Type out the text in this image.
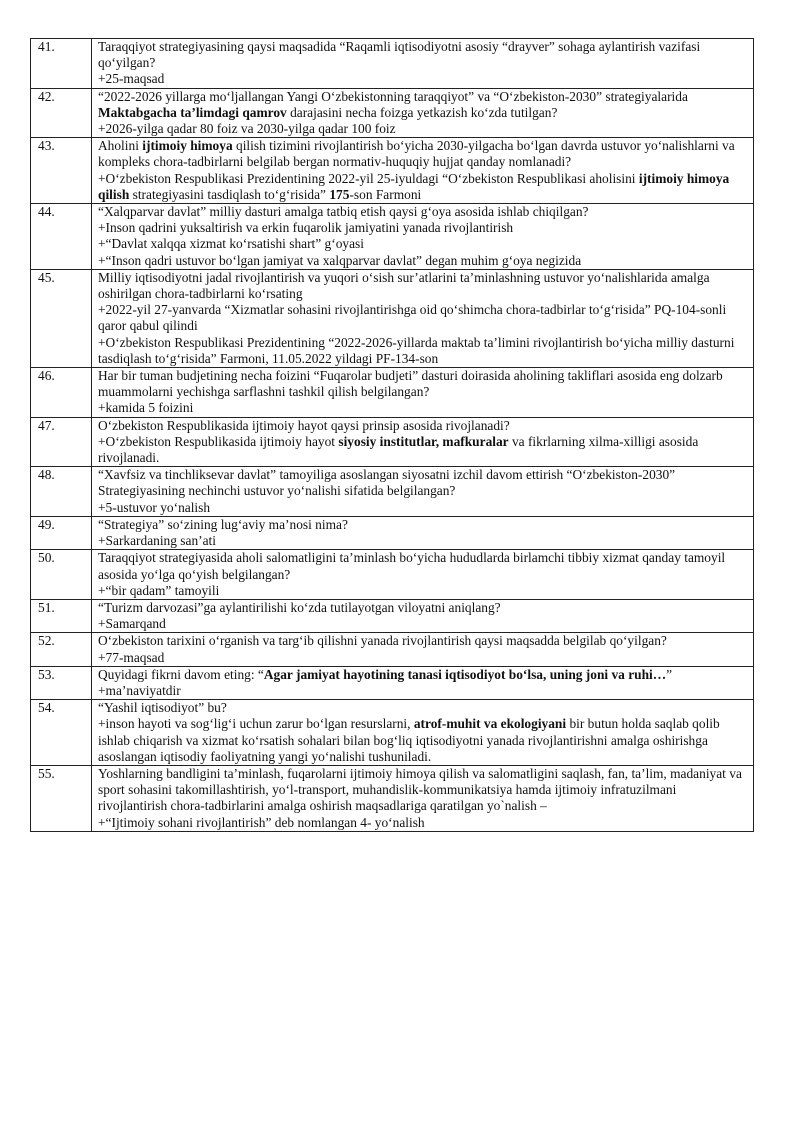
41.	Taraqqiyot strategiyasining qaysi maqsadida “Raqamli iqtisodiyotni asosiy “drayver” sohaga aylantirish vazifasi qo‘yilgan?
+25-maqsad

42.	“2022-2026 yillarga mo‘ljallangan Yangi O‘zbekistonning taraqqiyot” va “O‘zbekiston-2030” strategiyalarida Maktabgacha ta’limdagi qamrov darajasini necha foizga yetkazish ko‘zda tutilgan?
+2026-yilga qadar 80 foiz va 2030-yilga qadar 100 foiz

43.	Aholini ijtimoiy himoya qilish tizimini rivojlantirish bo‘yicha 2030-yilgacha bo‘lgan davrda ustuvor yo‘nalishlarni va kompleks chora-tadbirlarni belgilab bergan normativ-huquqiy hujjat qanday nomlanadi?
+O‘zbekiston Respublikasi Prezidentining 2022-yil 25-iyuldagi “O‘zbekiston Respublikasi aholisini ijtimoiy himoya qilish strategiyasini tasdiqlash to‘g‘risida” 175-son Farmoni

44.	“Xalqparvar davlat” milliy dasturi amalga tatbiq etish qaysi g‘oya asosida ishlab chiqilgan?
+Inson qadrini yuksaltirish va erkin fuqarolik jamiyatini yanada rivojlantirish
+“Davlat xalqqa xizmat ko‘rsatishi shart” g‘oyasi
+“Inson qadri ustuvor bo‘lgan jamiyat va xalqparvar davlat” degan muhim g‘oya negizida

45.	Milliy iqtisodiyotni jadal rivojlantirish va yuqori o‘sish sur’atlarini ta’minlashning ustuvor yo‘nalishlarida amalga oshirilgan chora-tadbirlarni ko‘rsating
+2022-yil 27-yanvarda “Xizmatlar sohasini rivojlantirishga oid qo‘shimcha chora-tadbirlar to‘g‘risida” PQ-104-sonli qaror qabul qilindi
+O‘zbekiston Respublikasi Prezidentining “2022-2026-yillarda maktab ta’limini rivojlantirish bo‘yicha milliy dasturni tasdiqlash to‘g‘risida” Farmoni, 11.05.2022 yildagi PF-134-son

46.	Har bir tuman budjetining necha foizini “Fuqarolar budjeti” dasturi doirasida aholining takliflari asosida eng dolzarb muammolarni yechishga sarflashni tashkil qilish belgilangan?
+kamida 5 foizini

47.	O‘zbekiston Respublikasida ijtimoiy hayot qaysi prinsip asosida rivojlanadi?
+O‘zbekiston Respublikasida ijtimoiy hayot siyosiy institutlar, mafkuralar va fikrlarning xilma-xilligi asosida rivojlanadi.

48.	“Xavfsiz va tinchliksevar davlat” tamoyiliga asoslangan siyosatni izchil davom ettirish “O‘zbekiston-2030” Strategiyasining nechinchi ustuvor yo‘nalishi sifatida belgilangan?
+5-ustuvor yo‘nalish

49.	“Strategiya” so‘zining lug‘aviy ma’nosi nima?
+Sarkardaning san’ati

50.	Taraqqiyot strategiyasida aholi salomatligini ta’minlash bo‘yicha hududlarda birlamchi tibbiy xizmat qanday tamoyil asosida yo‘lga qo‘yish belgilangan?
+“bir qadam” tamoyili

51.	“Turizm darvozasi”ga aylantirilishi ko‘zda tutilayotgan viloyatni aniqlang?
+Samarqand

52.	O‘zbekiston tarixini o‘rganish va targ‘ib qilishni yanada rivojlantirish qaysi maqsadda belgilab qo‘yilgan?
+77-maqsad

53.	Quyidagi fikrni davom eting: “Agar jamiyat hayotining tanasi iqtisodiyot bo‘lsa, uning joni va ruhi…”
+ma’naviyatdir

54.	“Yashil iqtisodiyot” bu?
+inson hayoti va sog‘lig‘i uchun zarur bo‘lgan resurslarni, atrof-muhit va ekologiyani bir butun holda saqlab qolib ishlab chiqarish va xizmat ko‘rsatish sohalari bilan bog‘liq iqtisodiyotni yanada rivojlantirishni amalga oshirishga asoslangan iqtisodiy faoliyatning yangi yo‘nalishi tushuniladi.

55.	Yoshlarning bandligini ta’minlash, fuqarolarni ijtimoiy himoya qilish va salomatligini saqlash, fan, ta’lim, madaniyat va sport sohasini takomillashtirish, yo‘l-transport, muhandislik-kommunikatsiya hamda ijtimoiy infratuzilmani rivojlantirish chora-tadbirlarini amalga oshirish maqsadlariga qaratilgan yo`nalish –
+“Ijtimoiy sohani rivojlantirish” deb nomlangan 4- yo‘nalish
